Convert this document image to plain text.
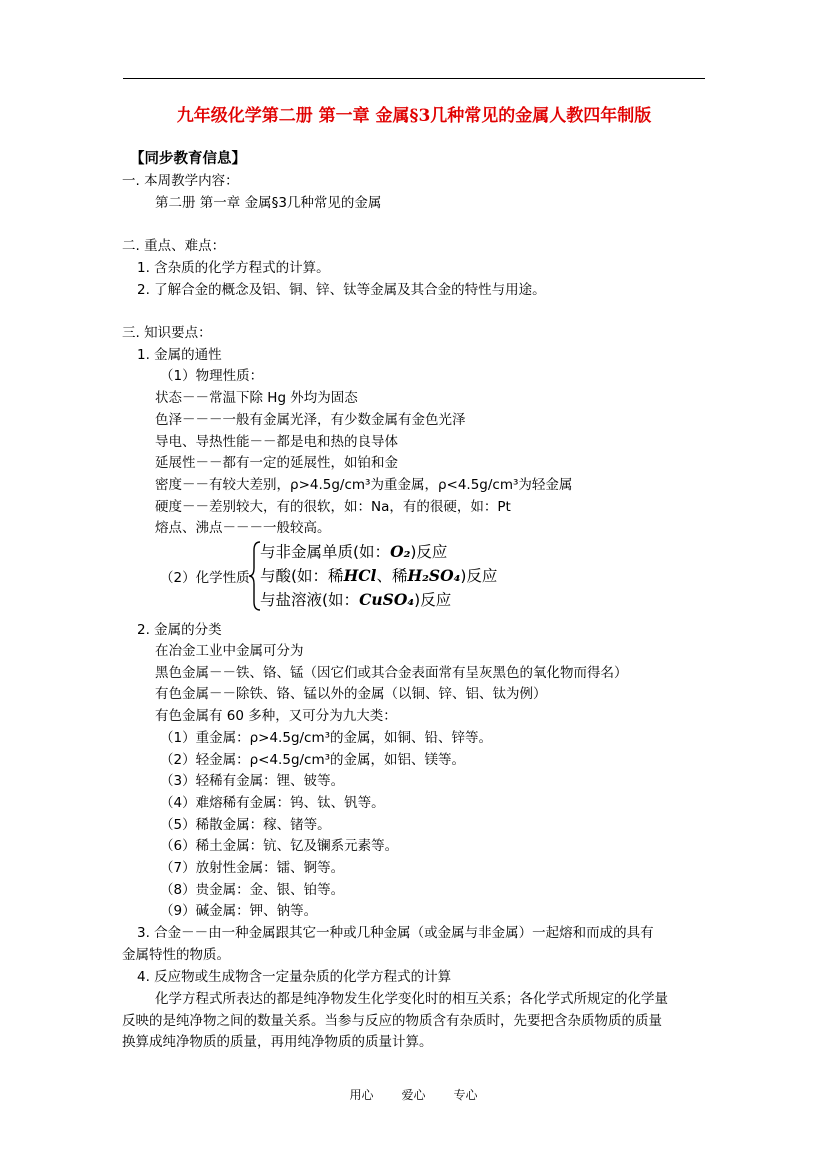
九年级化学第二册 第一章 金属§3几种常见的金属人教四年制版
【同步教育信息】
一. 本周教学内容：
第二册 第一章 金属§3几种常见的金属
二. 重点、难点：
1. 含杂质的化学方程式的计算。
2. 了解合金的概念及铝、铜、锌、钛等金属及其合金的特性与用途。
三. 知识要点：
1. 金属的通性
（1）物理性质：
状态－－常温下除 Hg 外均为固态
色泽－－－一般有金属光泽，有少数金属有金色光泽
导电、导热性能－－都是电和热的良导体
延展性－－都有一定的延展性，如铂和金
密度－－有较大差别，ρ>4.5g/cm³为重金属，ρ<4.5g/cm³为轻金属
硬度－－差别较大，有的很软，如：Na，有的很硬，如：Pt
熔点、沸点－－－一般较高。
（2）化学性质
与非金属单质(如：O₂)反应
与酸(如：稀HCl、稀H₂SO₄)反应
与盐溶液(如：CuSO₄)反应
2. 金属的分类
在冶金工业中金属可分为
黑色金属－－铁、铬、锰（因它们或其合金表面常有呈灰黑色的氧化物而得名）
有色金属－－除铁、铬、锰以外的金属（以铜、锌、铝、钛为例）
有色金属有 60 多种，又可分为九大类：
（1）重金属：ρ>4.5g/cm³的金属，如铜、铅、锌等。
（2）轻金属：ρ<4.5g/cm³的金属，如铝、镁等。
（3）轻稀有金属：锂、铍等。
（4）难熔稀有金属：钨、钛、钒等。
（5）稀散金属：稼、锗等。
（6）稀土金属：钪、钇及镧系元素等。
（7）放射性金属：镭、锕等。
（8）贵金属：金、银、铂等。
（9）碱金属：钾、钠等。
3. 合金－－由一种金属跟其它一种或几种金属（或金属与非金属）一起熔和而成的具有
金属特性的物质。
4. 反应物或生成物含一定量杂质的化学方程式的计算
化学方程式所表达的都是纯净物发生化学变化时的相互关系；各化学式所规定的化学量
反映的是纯净物之间的数量关系。当参与反应的物质含有杂质时，先要把含杂质物质的质量
换算成纯净物质的质量，再用纯净物质的质量计算。
用心 爱心 专心
